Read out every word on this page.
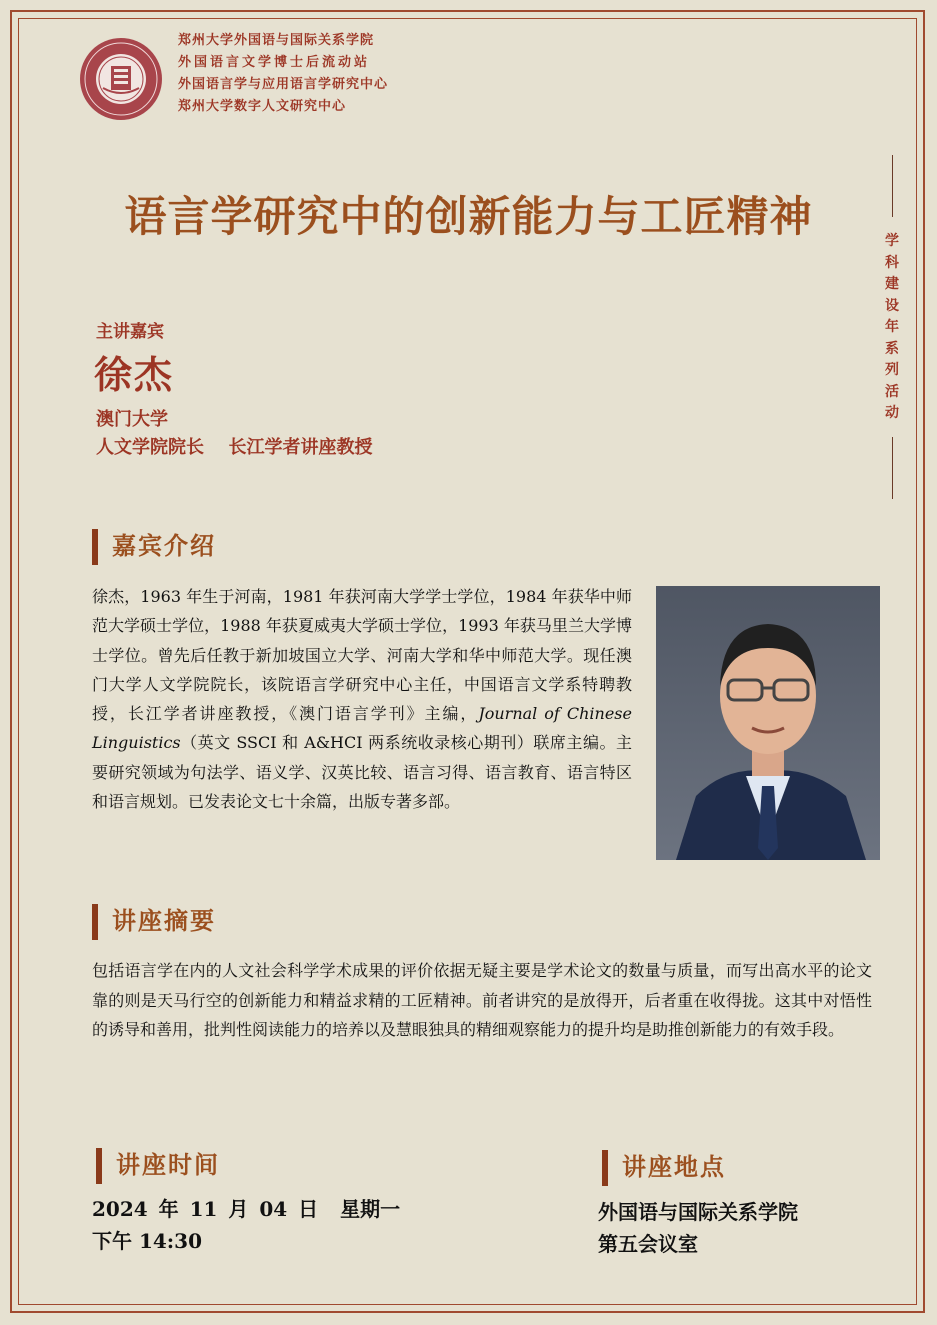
郑州大学外国语与国际关系学院
外国语言文学博士后流动站
外国语言学与应用语言学研究中心
郑州大学数字人文研究中心
语言学研究中的创新能力与工匠精神	学科建设年系列活动
主讲嘉宾
徐杰
澳门大学
人文学院院长  长江学者讲座教授
嘉宾介绍
徐杰，1963 年生于河南，1981 年获河南大学学士学位，1984 年获华中师范大学硕士学位，1988 年获夏威夷大学硕士学位，1993 年获马里兰大学博士学位。曾先后任教于新加坡国立大学、河南大学和华中师范大学。现任澳门大学人文学院院长，该院语言学研究中心主任，中国语言文学系特聘教授，长江学者讲座教授，《澳门语言学刊》主编，Journal of Chinese Linguistics（英文 SSCI 和 A&HCI 两系统收录核心期刊）联席主编。主要研究领域为句法学、语义学、汉英比较、语言习得、语言教育、语言特区和语言规划。已发表论文七十余篇，出版专著多部。
讲座摘要
包括语言学在内的人文社会科学学术成果的评价依据无疑主要是学术论文的数量与质量，而写出高水平的论文靠的则是天马行空的创新能力和精益求精的工匠精神。前者讲究的是放得开，后者重在收得拢。这其中对悟性的诱导和善用，批判性阅读能力的培养以及慧眼独具的精细观察能力的提升均是助推创新能力的有效手段。
讲座时间
2024 年 11 月 04 日  星期一
下午 14:30
讲座地点
外国语与国际关系学院
第五会议室
